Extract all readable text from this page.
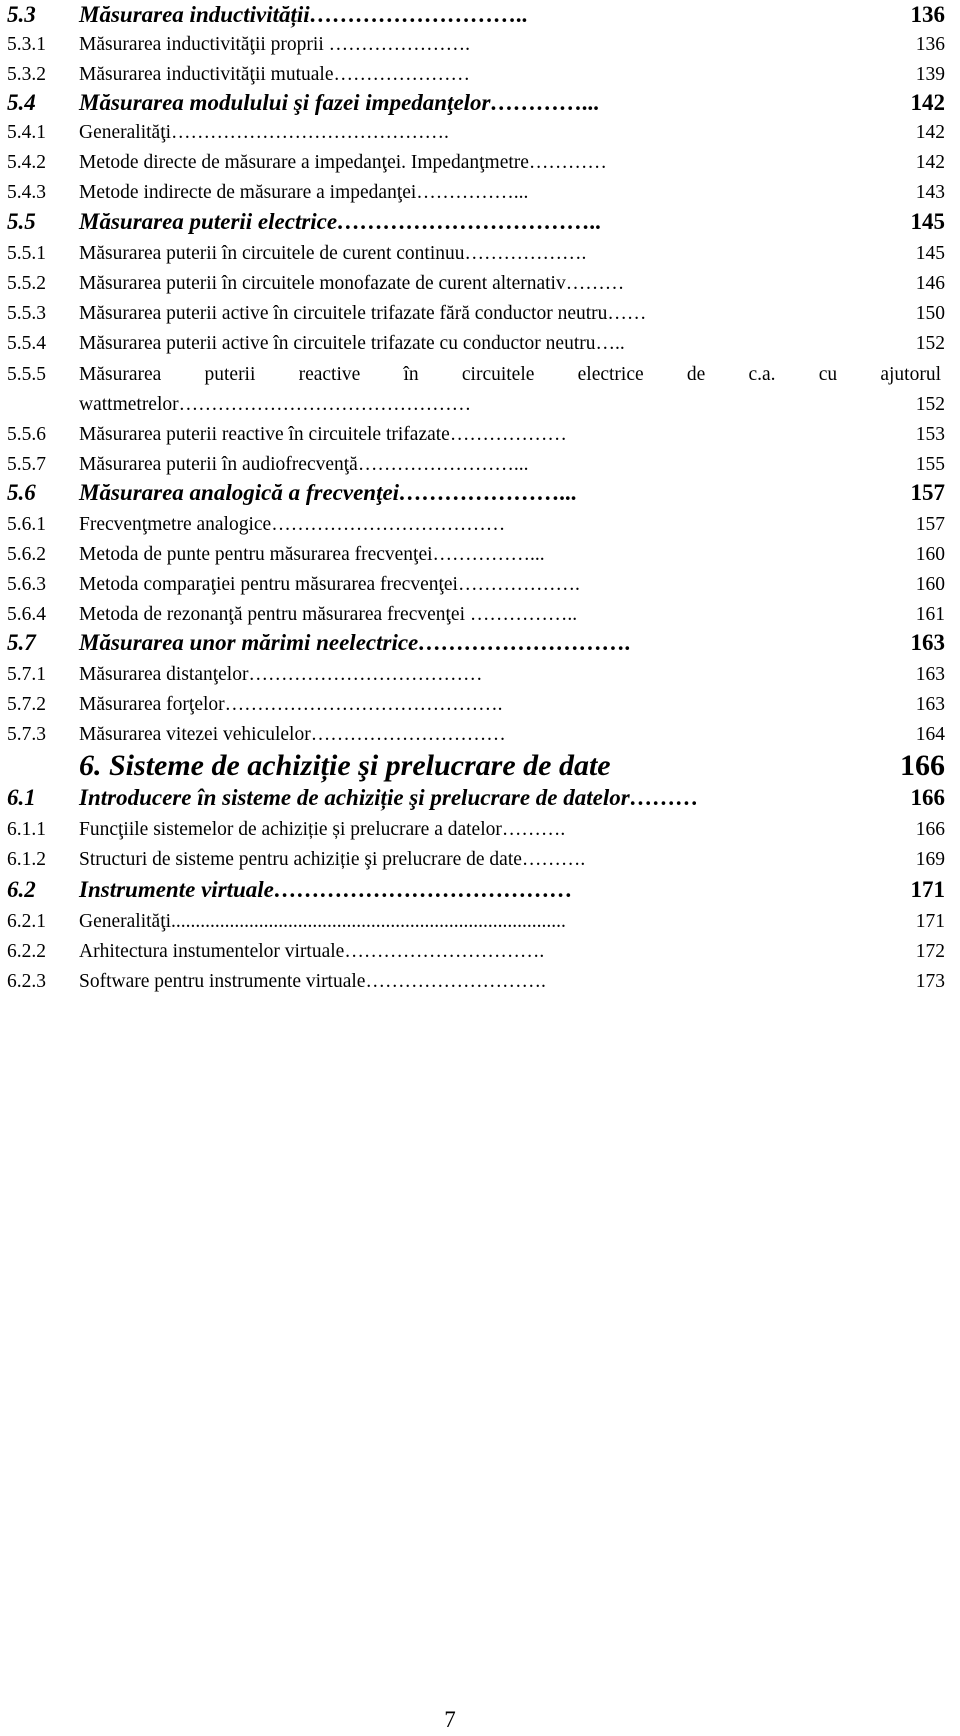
5.3 Măsurarea inductivității………………………..	136
5.3.1 Măsurarea inductivităţii proprii ………………….	136
5.3.2 Măsurarea inductivităţii mutuale…………………	139
5.4 Măsurarea modulului şi fazei impedanţelor…………...	142
5.4.1 Generalităţi…………………………………….	142
5.4.2 Metode directe de măsurare a impedanţei. Impedanţmetre…………	142
5.4.3 Metode indirecte de măsurare a impedanţei……………...	143
5.5 Măsurarea puterii electrice……………………………..	145
5.5.1 Măsurarea puterii în circuitele de curent continuu……………….	145
5.5.2 Măsurarea puterii în circuitele monofazate de curent alternativ………	146
5.5.3 Măsurarea puterii active în circuitele trifazate fără conductor neutru……	150
5.5.4 Măsurarea puterii active în circuitele trifazate cu conductor neutru…..	152
5.5.5 Măsurarea puterii reactive în circuitele electrice de c.a. cu ajutorul
wattmetrelor………………………………………	152
5.5.6 Măsurarea puterii reactive în circuitele trifazate………………	153
5.5.7 Măsurarea puterii în audiofrecvenţă……………………...	155
5.6 Măsurarea analogică a frecvenţei…………………...	157
5.6.1 Frecvenţmetre analogice………………………………	157
5.6.2 Metoda de punte pentru măsurarea frecvenţei……………...	160
5.6.3 Metoda comparaţiei pentru măsurarea frecvenţei……………….	160
5.6.4 Metoda de rezonanţă pentru măsurarea frecvenţei ……………..	161
5.7 Măsurarea unor mărimi neelectrice……………………….	163
5.7.1 Măsurarea distanţelor………………………………	163
5.7.2 Măsurarea forţelor…………………………………….	163
5.7.3 Măsurarea vitezei vehiculelor…………………………	164
6. Sisteme de achiziție şi prelucrare de date	166
6.1 Introducere în sisteme de achiziție şi prelucrare de datelor………	166
6.1.1 Funcţiile sistemelor de achiziție și prelucrare a datelor……….	166
6.1.2 Structuri de sisteme pentru achiziție şi prelucrare de date……….	169
6.2 Instrumente virtuale…………………………………	171
6.2.1 Generalităţi.................................................................................	171
6.2.2 Arhitectura instumentelor virtuale………………………….	172
6.2.3 Software pentru instrumente virtuale……………………….	173
7
